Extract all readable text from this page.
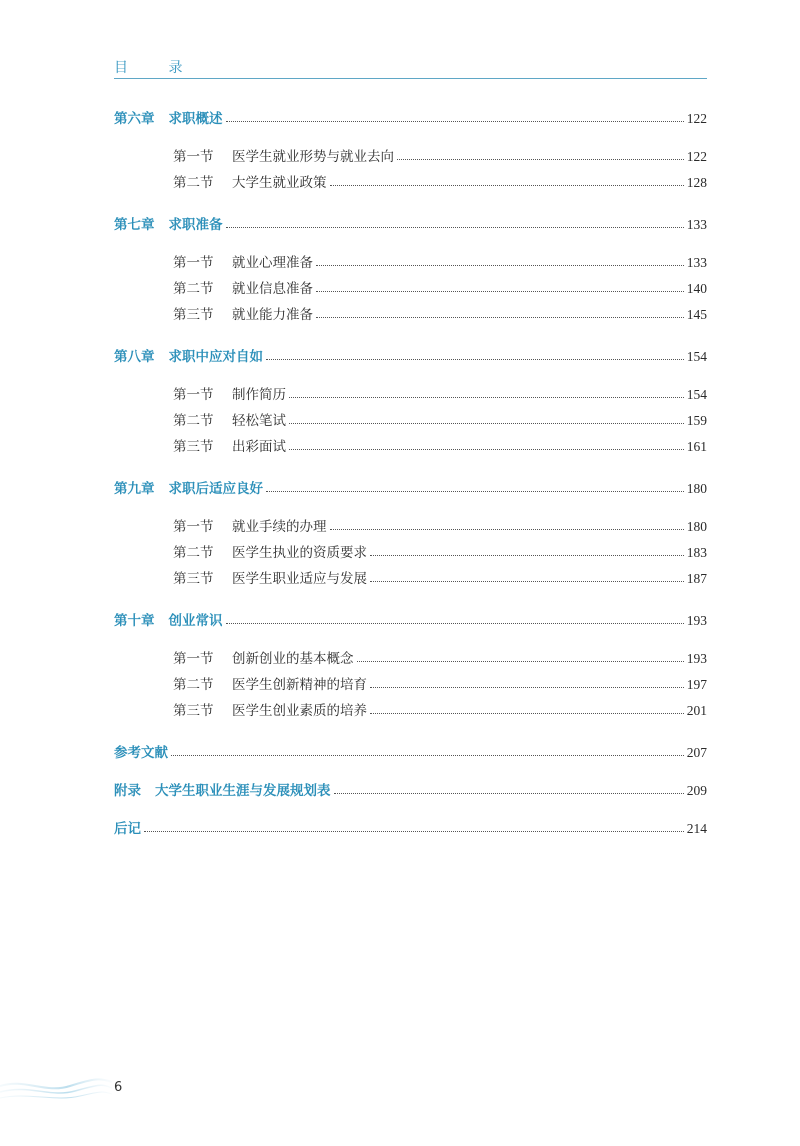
目 录
第六章 求职概述	122
第一节 医学生就业形势与就业去向	122
第二节 大学生就业政策	128
第七章 求职准备	133
第一节 就业心理准备	133
第二节 就业信息准备	140
第三节 就业能力准备	145
第八章 求职中应对自如	154
第一节 制作简历	154
第二节 轻松笔试	159
第三节 出彩面试	161
第九章 求职后适应良好	180
第一节 就业手续的办理	180
第二节 医学生执业的资质要求	183
第三节 医学生职业适应与发展	187
第十章 创业常识	193
第一节 创新创业的基本概念	193
第二节 医学生创新精神的培育	197
第三节 医学生创业素质的培养	201
参考文献	207
附录 大学生职业生涯与发展规划表	209
后记	214
6
